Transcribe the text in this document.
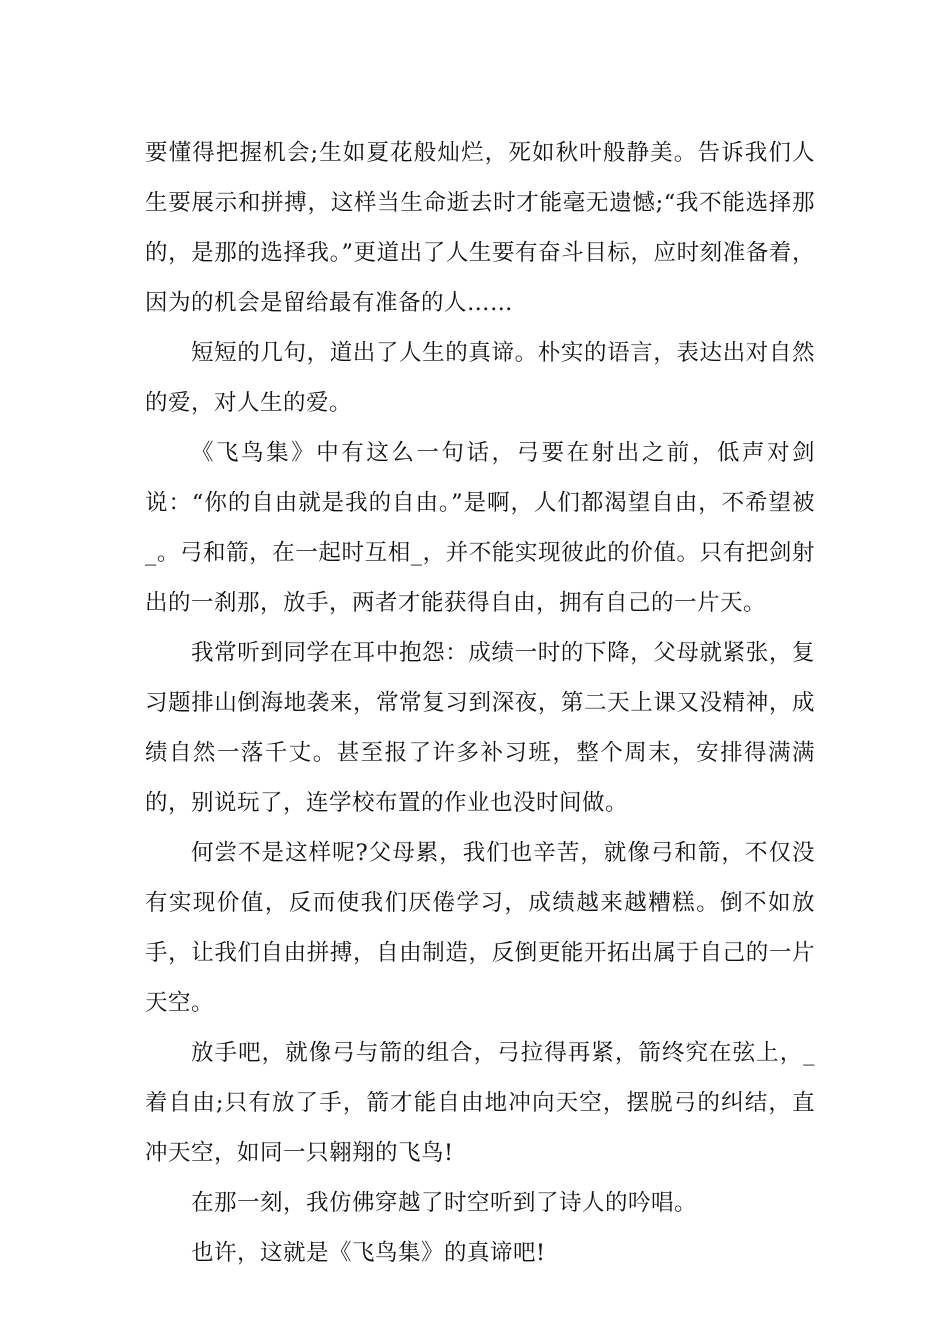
要懂得把握机会;生如夏花般灿烂，死如秋叶般静美。告诉我们人生要展示和拼搏，这样当生命逝去时才能毫无遗憾;“我不能选择那的，是那的选择我。”更道出了人生要有奋斗目标，应时刻准备着，因为的机会是留给最有准备的人……

短短的几句，道出了人生的真谛。朴实的语言，表达出对自然的爱，对人生的爱。

《飞鸟集》中有这么一句话，弓要在射出之前，低声对剑说：“你的自由就是我的自由。”是啊，人们都渴望自由，不希望被_。弓和箭，在一起时互相_，并不能实现彼此的价值。只有把剑射出的一刹那，放手，两者才能获得自由，拥有自己的一片天。

我常听到同学在耳中抱怨：成绩一时的下降，父母就紧张，复习题排山倒海地袭来，常常复习到深夜，第二天上课又没精神，成绩自然一落千丈。甚至报了许多补习班，整个周末，安排得满满的，别说玩了，连学校布置的作业也没时间做。

何尝不是这样呢?父母累，我们也辛苦，就像弓和箭，不仅没有实现价值，反而使我们厌倦学习，成绩越来越糟糕。倒不如放手，让我们自由拼搏，自由制造，反倒更能开拓出属于自己的一片天空。

放手吧，就像弓与箭的组合，弓拉得再紧，箭终究在弦上，_着自由;只有放了手，箭才能自由地冲向天空，摆脱弓的纠结，直冲天空，如同一只翱翔的飞鸟!

在那一刻，我仿佛穿越了时空听到了诗人的吟唱。

也许，这就是《飞鸟集》的真谛吧!
